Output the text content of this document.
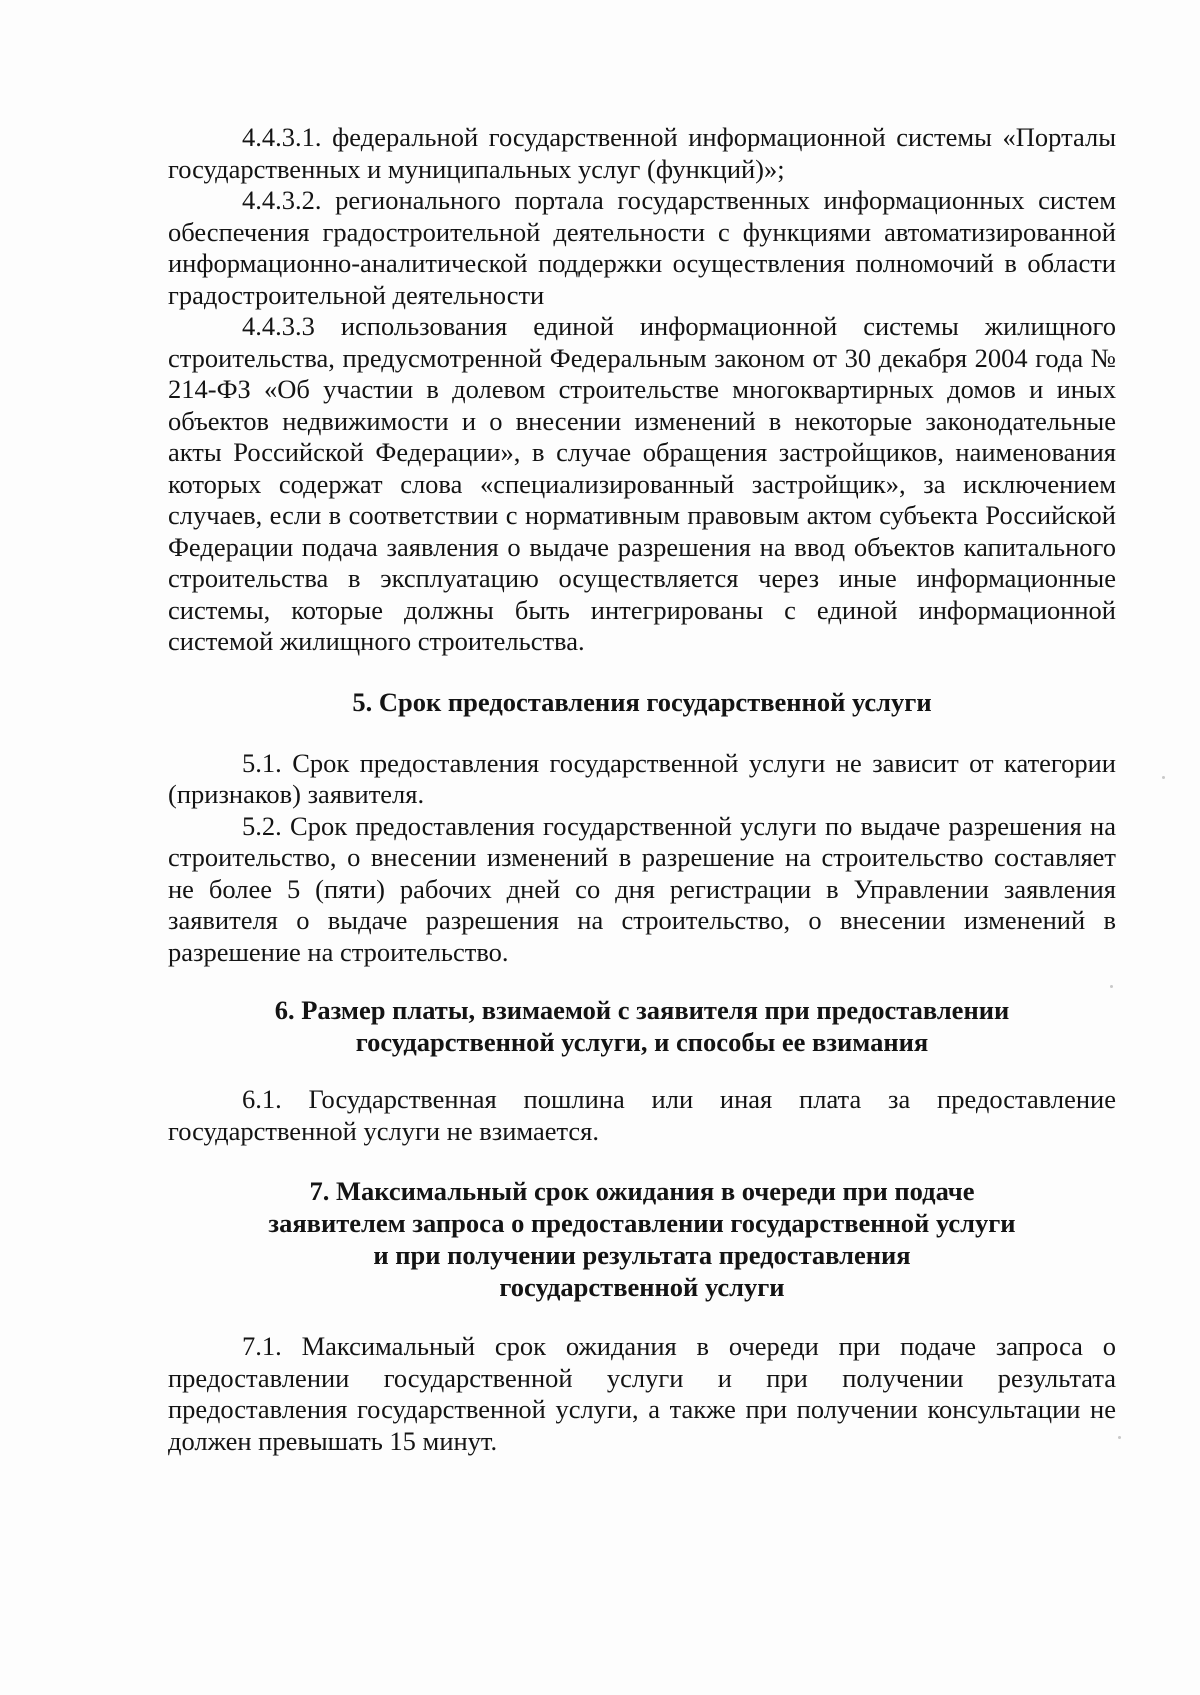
4.4.3.1. федеральной государственной информационной системы «Порталы государственных и муниципальных услуг (функций)»;

4.4.3.2. регионального портала государственных информационных систем обеспечения градостроительной деятельности с функциями автоматизированной информационно-аналитической поддержки осуществления полномочий в области градостроительной деятельности

4.4.3.3 использования единой информационной системы жилищного строительства, предусмотренной Федеральным законом от 30 декабря 2004 года № 214-ФЗ «Об участии в долевом строительстве многоквартирных домов и иных объектов недвижимости и о внесении изменений в некоторые законодательные акты Российской Федерации», в случае обращения застройщиков, наименования которых содержат слова «специализированный застройщик», за исключением случаев, если в соответствии с нормативным правовым актом субъекта Российской Федерации подача заявления о выдаче разрешения на ввод объектов капитального строительства в эксплуатацию осуществляется через иные информационные системы, которые должны быть интегрированы с единой информационной системой жилищного строительства.

5. Срок предоставления государственной услуги

5.1. Срок предоставления государственной услуги не зависит от категории (признаков) заявителя.

5.2. Срок предоставления государственной услуги по выдаче разрешения на строительство, о внесении изменений в разрешение на строительство составляет не более 5 (пяти) рабочих дней со дня регистрации в Управлении заявления заявителя о выдаче разрешения на строительство, о внесении изменений в разрешение на строительство.

6. Размер платы, взимаемой с заявителя при предоставлении
государственной услуги, и способы ее взимания

6.1. Государственная пошлина или иная плата за предоставление государственной услуги не взимается.

7. Максимальный срок ожидания в очереди при подаче
заявителем запроса о предоставлении государственной услуги
и при получении результата предоставления
государственной услуги

7.1. Максимальный срок ожидания в очереди при подаче запроса о предоставлении государственной услуги и при получении результата предоставления государственной услуги, а также при получении консультации не должен превышать 15 минут.
